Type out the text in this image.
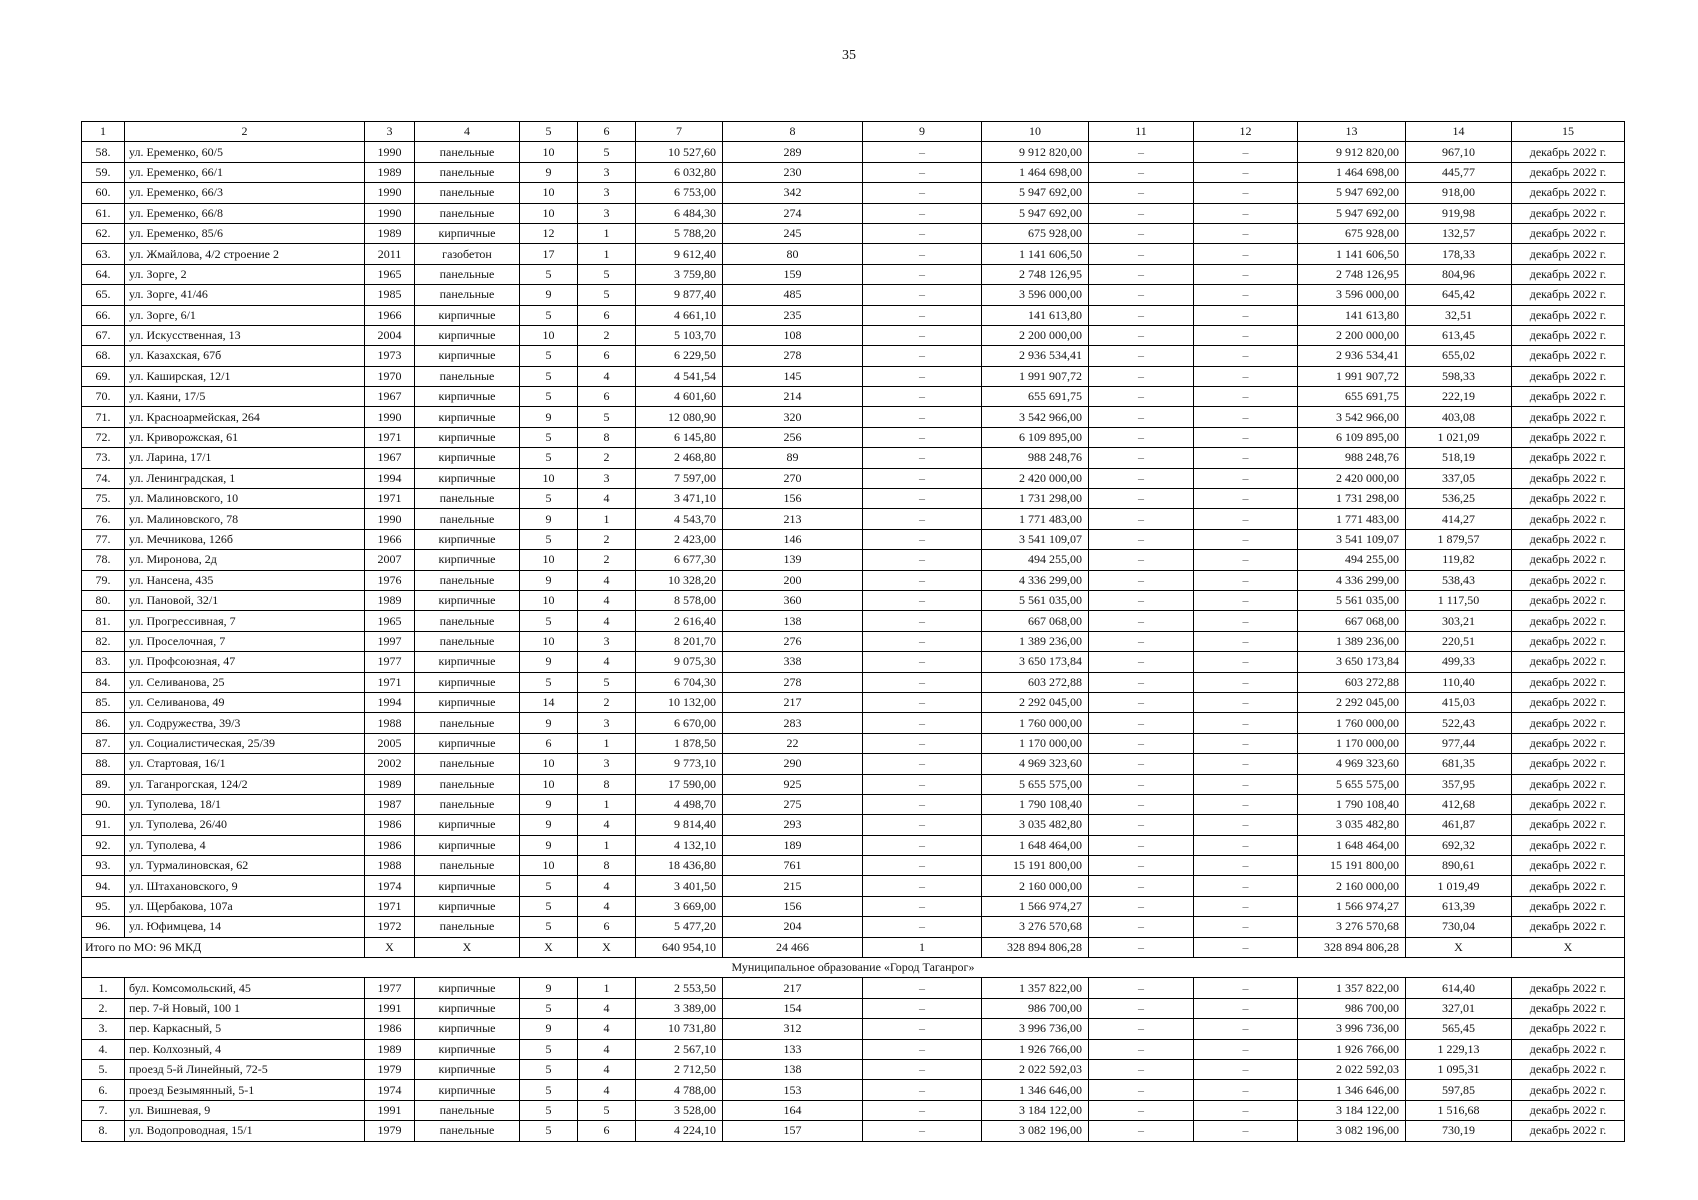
35
1	2	3	4	5	6	7	8	9	10	11	12	13	14	15
58.	ул. Еременко, 60/5	1990	панельные	10	5	10 527,60	289	–	9 912 820,00	–	–	9 912 820,00	967,10	декабрь 2022 г.
59.	ул. Еременко, 66/1	1989	панельные	9	3	6 032,80	230	–	1 464 698,00	–	–	1 464 698,00	445,77	декабрь 2022 г.
60.	ул. Еременко, 66/3	1990	панельные	10	3	6 753,00	342	–	5 947 692,00	–	–	5 947 692,00	918,00	декабрь 2022 г.
61.	ул. Еременко, 66/8	1990	панельные	10	3	6 484,30	274	–	5 947 692,00	–	–	5 947 692,00	919,98	декабрь 2022 г.
62.	ул. Еременко, 85/6	1989	кирпичные	12	1	5 788,20	245	–	675 928,00	–	–	675 928,00	132,57	декабрь 2022 г.
63.	ул. Жмайлова, 4/2 строение 2	2011	газобетон	17	1	9 612,40	80	–	1 141 606,50	–	–	1 141 606,50	178,33	декабрь 2022 г.
64.	ул. Зорге, 2	1965	панельные	5	5	3 759,80	159	–	2 748 126,95	–	–	2 748 126,95	804,96	декабрь 2022 г.
65.	ул. Зорге, 41/46	1985	панельные	9	5	9 877,40	485	–	3 596 000,00	–	–	3 596 000,00	645,42	декабрь 2022 г.
66.	ул. Зорге, 6/1	1966	кирпичные	5	6	4 661,10	235	–	141 613,80	–	–	141 613,80	32,51	декабрь 2022 г.
67.	ул. Искусственная, 13	2004	кирпичные	10	2	5 103,70	108	–	2 200 000,00	–	–	2 200 000,00	613,45	декабрь 2022 г.
68.	ул. Казахская, 67б	1973	кирпичные	5	6	6 229,50	278	–	2 936 534,41	–	–	2 936 534,41	655,02	декабрь 2022 г.
69.	ул. Каширская, 12/1	1970	панельные	5	4	4 541,54	145	–	1 991 907,72	–	–	1 991 907,72	598,33	декабрь 2022 г.
70.	ул. Каяни, 17/5	1967	кирпичные	5	6	4 601,60	214	–	655 691,75	–	–	655 691,75	222,19	декабрь 2022 г.
71.	ул. Красноармейская, 264	1990	кирпичные	9	5	12 080,90	320	–	3 542 966,00	–	–	3 542 966,00	403,08	декабрь 2022 г.
72.	ул. Криворожская, 61	1971	кирпичные	5	8	6 145,80	256	–	6 109 895,00	–	–	6 109 895,00	1 021,09	декабрь 2022 г.
73.	ул. Ларина, 17/1	1967	кирпичные	5	2	2 468,80	89	–	988 248,76	–	–	988 248,76	518,19	декабрь 2022 г.
74.	ул. Ленинградская, 1	1994	кирпичные	10	3	7 597,00	270	–	2 420 000,00	–	–	2 420 000,00	337,05	декабрь 2022 г.
75.	ул. Малиновского, 10	1971	панельные	5	4	3 471,10	156	–	1 731 298,00	–	–	1 731 298,00	536,25	декабрь 2022 г.
76.	ул. Малиновского, 78	1990	панельные	9	1	4 543,70	213	–	1 771 483,00	–	–	1 771 483,00	414,27	декабрь 2022 г.
77.	ул. Мечникова, 126б	1966	кирпичные	5	2	2 423,00	146	–	3 541 109,07	–	–	3 541 109,07	1 879,57	декабрь 2022 г.
78.	ул. Миронова, 2д	2007	кирпичные	10	2	6 677,30	139	–	494 255,00	–	–	494 255,00	119,82	декабрь 2022 г.
79.	ул. Нансена, 435	1976	панельные	9	4	10 328,20	200	–	4 336 299,00	–	–	4 336 299,00	538,43	декабрь 2022 г.
80.	ул. Пановой, 32/1	1989	кирпичные	10	4	8 578,00	360	–	5 561 035,00	–	–	5 561 035,00	1 117,50	декабрь 2022 г.
81.	ул. Прогрессивная, 7	1965	панельные	5	4	2 616,40	138	–	667 068,00	–	–	667 068,00	303,21	декабрь 2022 г.
82.	ул. Проселочная, 7	1997	панельные	10	3	8 201,70	276	–	1 389 236,00	–	–	1 389 236,00	220,51	декабрь 2022 г.
83.	ул. Профсоюзная, 47	1977	кирпичные	9	4	9 075,30	338	–	3 650 173,84	–	–	3 650 173,84	499,33	декабрь 2022 г.
84.	ул. Селиванова, 25	1971	кирпичные	5	5	6 704,30	278	–	603 272,88	–	–	603 272,88	110,40	декабрь 2022 г.
85.	ул. Селиванова, 49	1994	кирпичные	14	2	10 132,00	217	–	2 292 045,00	–	–	2 292 045,00	415,03	декабрь 2022 г.
86.	ул. Содружества, 39/3	1988	панельные	9	3	6 670,00	283	–	1 760 000,00	–	–	1 760 000,00	522,43	декабрь 2022 г.
87.	ул. Социалистическая, 25/39	2005	кирпичные	6	1	1 878,50	22	–	1 170 000,00	–	–	1 170 000,00	977,44	декабрь 2022 г.
88.	ул. Стартовая, 16/1	2002	панельные	10	3	9 773,10	290	–	4 969 323,60	–	–	4 969 323,60	681,35	декабрь 2022 г.
89.	ул. Таганрогская, 124/2	1989	панельные	10	8	17 590,00	925	–	5 655 575,00	–	–	5 655 575,00	357,95	декабрь 2022 г.
90.	ул. Туполева, 18/1	1987	панельные	9	1	4 498,70	275	–	1 790 108,40	–	–	1 790 108,40	412,68	декабрь 2022 г.
91.	ул. Туполева, 26/40	1986	кирпичные	9	4	9 814,40	293	–	3 035 482,80	–	–	3 035 482,80	461,87	декабрь 2022 г.
92.	ул. Туполева, 4	1986	кирпичные	9	1	4 132,10	189	–	1 648 464,00	–	–	1 648 464,00	692,32	декабрь 2022 г.
93.	ул. Турмалиновская, 62	1988	панельные	10	8	18 436,80	761	–	15 191 800,00	–	–	15 191 800,00	890,61	декабрь 2022 г.
94.	ул. Штахановского, 9	1974	кирпичные	5	4	3 401,50	215	–	2 160 000,00	–	–	2 160 000,00	1 019,49	декабрь 2022 г.
95.	ул. Щербакова, 107а	1971	кирпичные	5	4	3 669,00	156	–	1 566 974,27	–	–	1 566 974,27	613,39	декабрь 2022 г.
96.	ул. Юфимцева, 14	1972	панельные	5	6	5 477,20	204	–	3 276 570,68	–	–	3 276 570,68	730,04	декабрь 2022 г.
Итого по МО: 96 МКД		X	X	X	X	640 954,10	24 466	1	328 894 806,28	–	–	328 894 806,28	X	X
Муниципальное образование «Город Таганрог»														
1.	бул. Комсомольский, 45	1977	кирпичные	9	1	2 553,50	217	–	1 357 822,00	–	–	1 357 822,00	614,40	декабрь 2022 г.
2.	пер. 7-й Новый, 100 1	1991	кирпичные	5	4	3 389,00	154	–	986 700,00	–	–	986 700,00	327,01	декабрь 2022 г.
3.	пер. Каркасный, 5	1986	кирпичные	9	4	10 731,80	312	–	3 996 736,00	–	–	3 996 736,00	565,45	декабрь 2022 г.
4.	пер. Колхозный, 4	1989	кирпичные	5	4	2 567,10	133	–	1 926 766,00	–	–	1 926 766,00	1 229,13	декабрь 2022 г.
5.	проезд 5-й Линейный, 72-5	1979	кирпичные	5	4	2 712,50	138	–	2 022 592,03	–	–	2 022 592,03	1 095,31	декабрь 2022 г.
6.	проезд Безымянный, 5-1	1974	кирпичные	5	4	4 788,00	153	–	1 346 646,00	–	–	1 346 646,00	597,85	декабрь 2022 г.
7.	ул. Вишневая, 9	1991	панельные	5	5	3 528,00	164	–	3 184 122,00	–	–	3 184 122,00	1 516,68	декабрь 2022 г.
8.	ул. Водопроводная, 15/1	1979	панельные	5	6	4 224,10	157	–	3 082 196,00	–	–	3 082 196,00	730,19	декабрь 2022 г.
